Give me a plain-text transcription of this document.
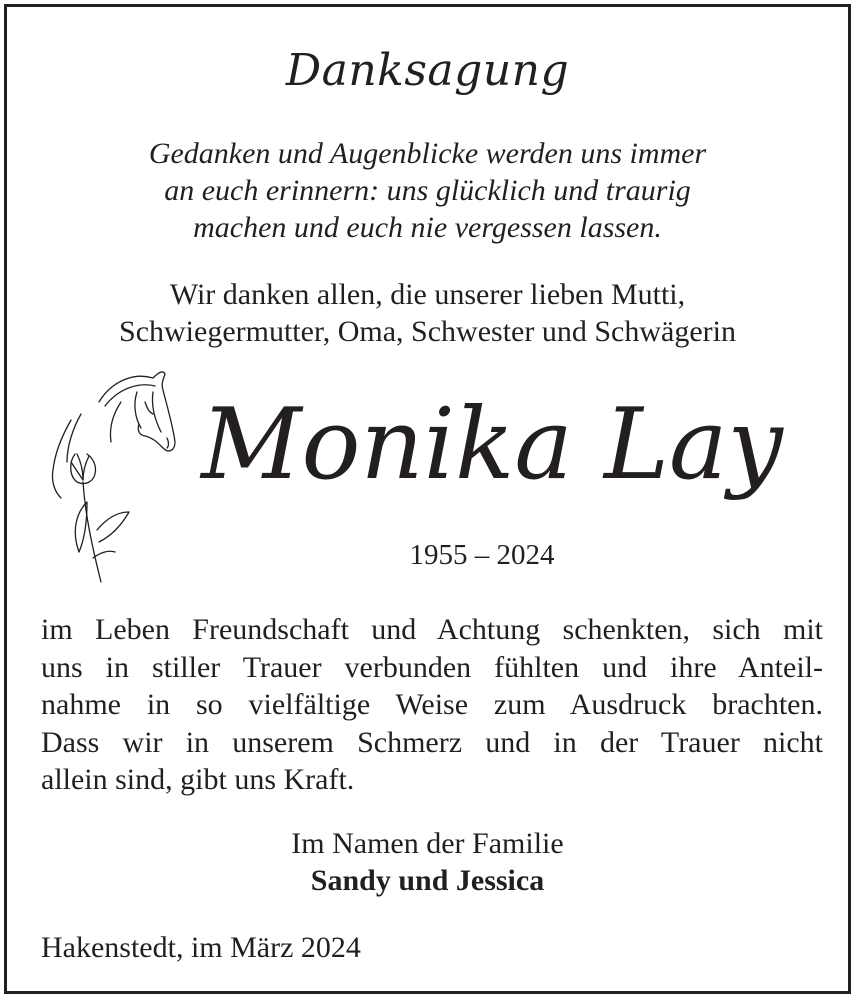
Danksagung
Gedanken und Augenblicke werden uns immer
an euch erinnern: uns glücklich und traurig
machen und euch nie vergessen lassen.
Wir danken allen, die unserer lieben Mutti,
Schwiegermutter, Oma, Schwester und Schwägerin
Monika Lay
1955 – 2024
im Leben Freundschaft und Achtung schenkten, sich mit
uns in stiller Trauer verbunden fühlten und ihre Anteil-
nahme in so vielfältige Weise zum Ausdruck brachten.
Dass wir in unserem Schmerz und in der Trauer nicht
allein sind, gibt uns Kraft.
Im Namen der Familie
Sandy und Jessica
Hakenstedt, im März 2024
